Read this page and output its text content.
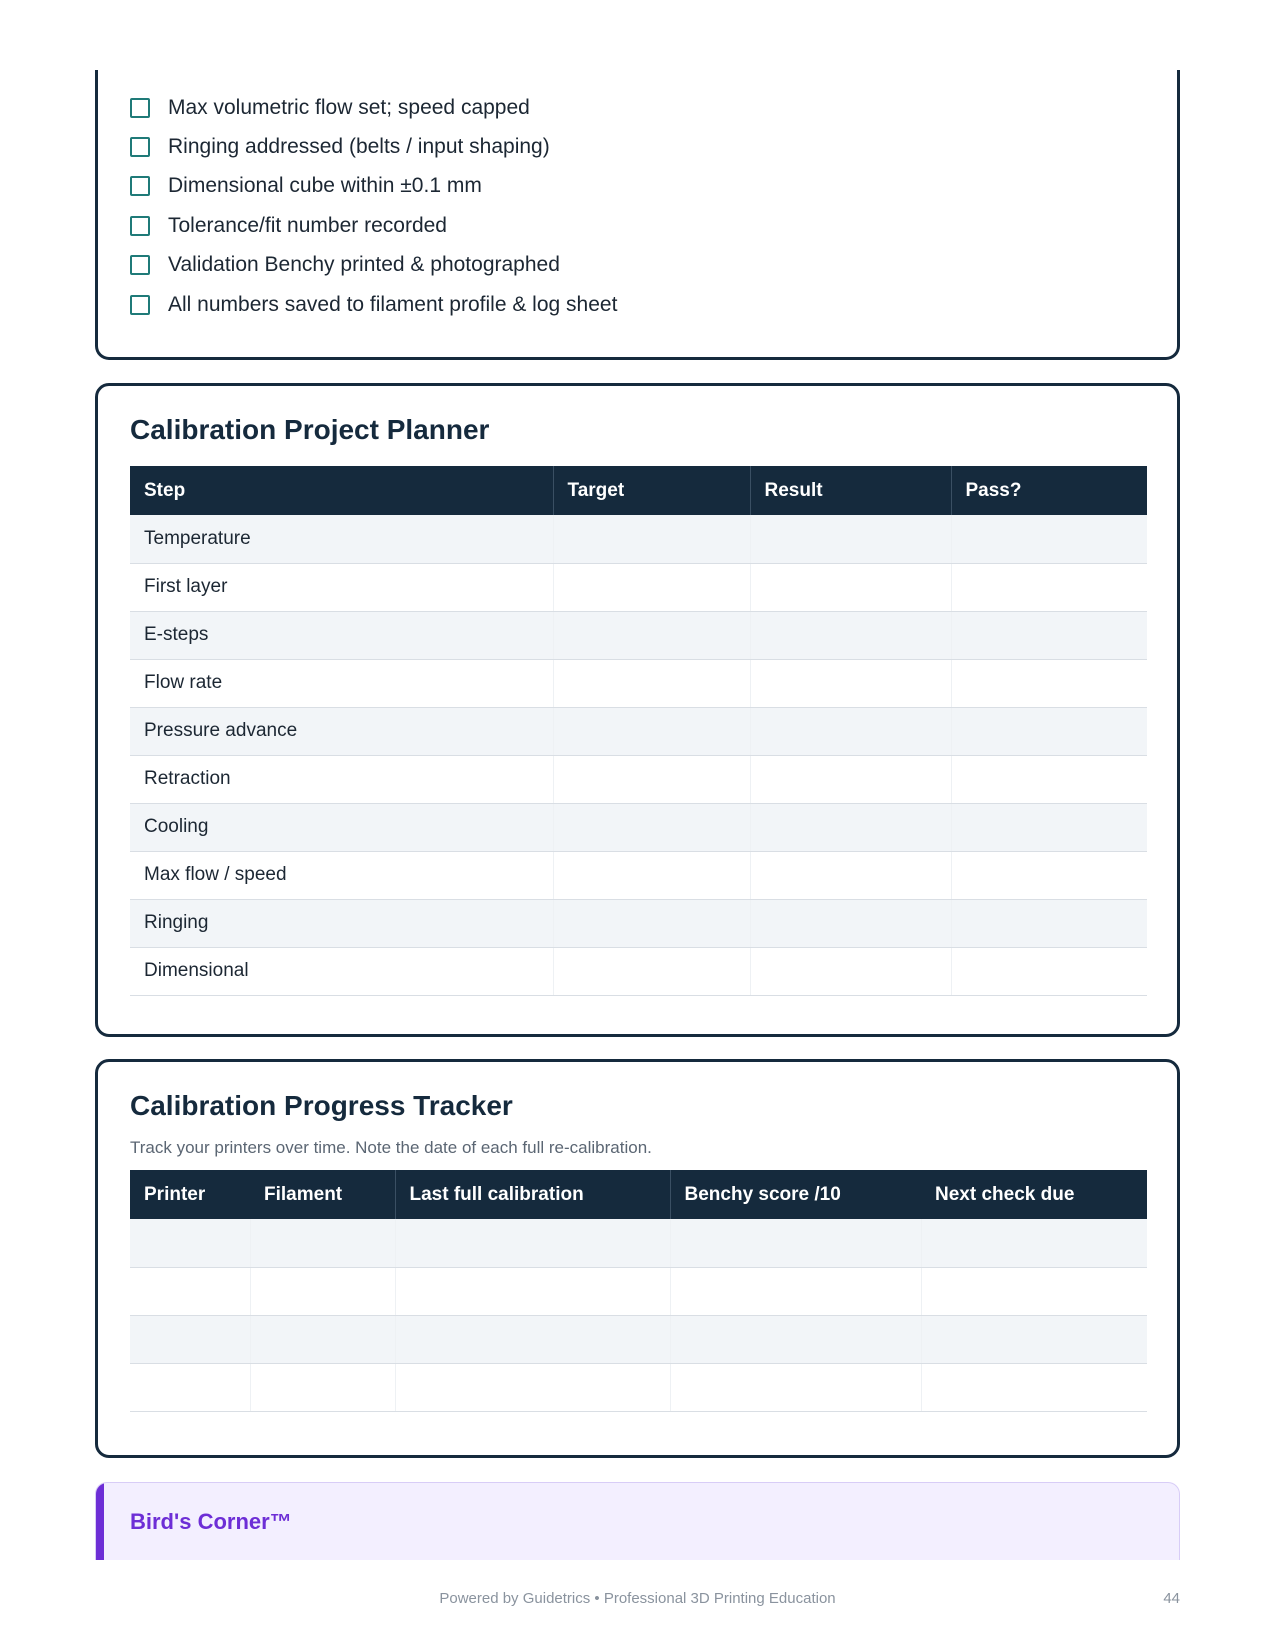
Max volumetric flow set; speed capped
Ringing addressed (belts / input shaping)
Dimensional cube within ±0.1 mm
Tolerance/fit number recorded
Validation Benchy printed & photographed
All numbers saved to filament profile & log sheet
Calibration Project Planner
Step	Target	Result	Pass?
Temperature			
First layer			
E-steps			
Flow rate			
Pressure advance			
Retraction			
Cooling			
Max flow / speed			
Ringing			
Dimensional			
Calibration Progress Tracker

Track your printers over time. Note the date of each full re-calibration.

Printer	Filament	Last full calibration	Benchy score /10	Next check due

Bird's Corner™
Powered by Guidetrics • Professional 3D Printing Education	44
